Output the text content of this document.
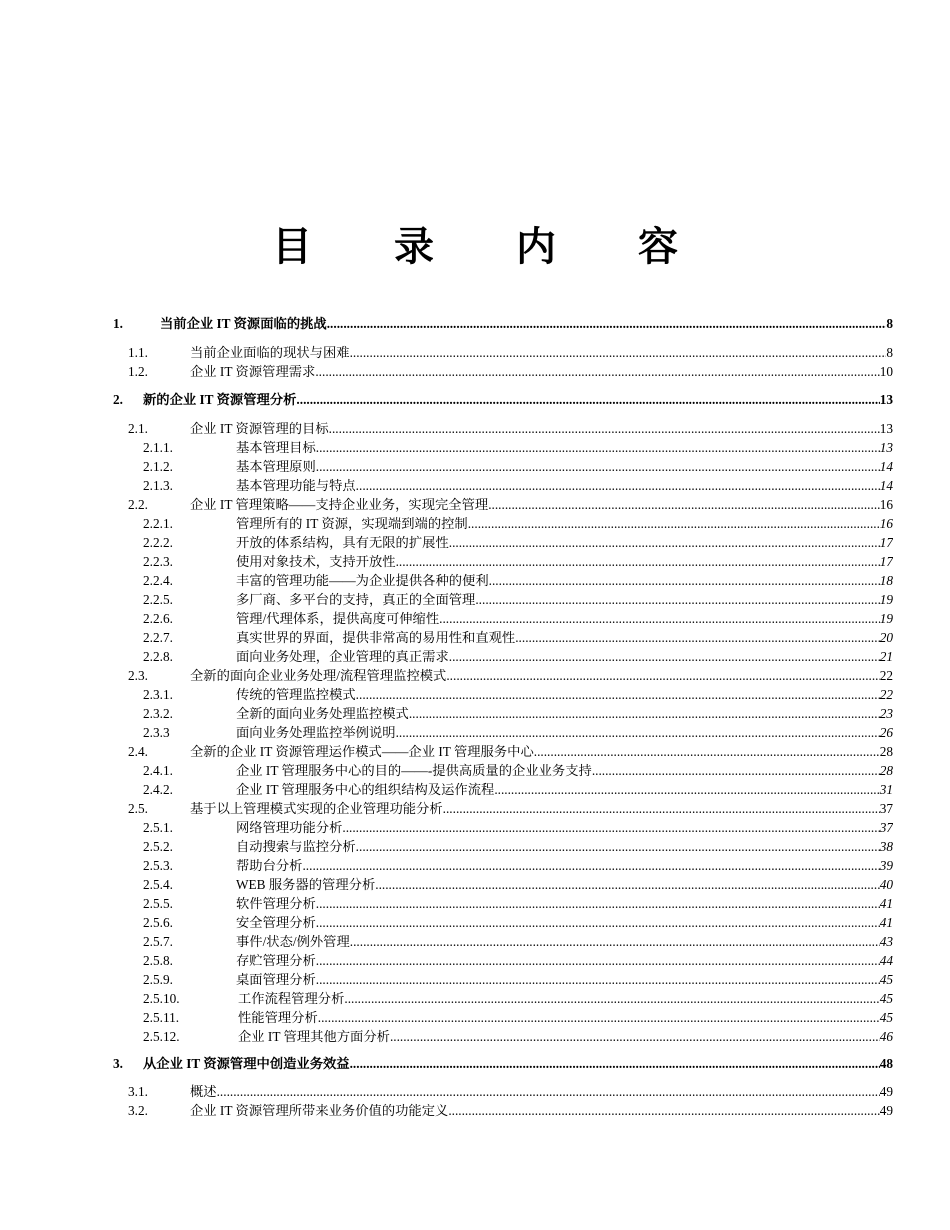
目 录 内 容
1.	当前企业 IT 资源面临的挑战 .....	8
1.1.	当前企业面临的现状与困难 .....	8
1.2.	企业 IT 资源管理需求 .....	10
2. 新的企业 IT 资源管理分析 .....	13
2.1.	企业 IT 资源管理的目标 .....	13
2.1.1.	基本管理目标 .....	13
2.1.2.	基本管理原则 .....	14
2.1.3.	基本管理功能与特点 .....	14
2.2.	企业 IT 管理策略——支持企业业务，实现完全管理 .....	16
2.2.1.	管理所有的 IT 资源，实现端到端的控制 .....	16
2.2.2.	开放的体系结构，具有无限的扩展性 .....	17
2.2.3.	使用对象技术，支持开放性 .....	17
2.2.4.	丰富的管理功能——为企业提供各种的便利 .....	18
2.2.5.	多厂商、多平台的支持，真正的全面管理 .....	19
2.2.6.	管理/代理体系，提供高度可伸缩性 .....	19
2.2.7.	真实世界的界面，提供非常高的易用性和直观性 .....	20
2.2.8.	面向业务处理，企业管理的真正需求 .....	21
2.3.	全新的面向企业业务处理/流程管理监控模式 .....	22
2.3.1.	传统的管理监控模式 .....	22
2.3.2.	全新的面向业务处理监控模式 .....	23
2.3.3	面向业务处理监控举例说明 .....	26
2.4.	全新的企业 IT 资源管理运作模式——企业 IT 管理服务中心 .....	28
2.4.1.	企业 IT 管理服务中心的目的——-提供高质量的企业业务支持 .....	28
2.4.2.	企业 IT 管理服务中心的组织结构及运作流程 .....	31
2.5.	基于以上管理模式实现的企业管理功能分析 .....	37
2.5.1.	网络管理功能分析 .....	37
2.5.2.	自动搜索与监控分析 .....	38
2.5.3.	帮助台分析 .....	39
2.5.4.	WEB 服务器的管理分析 .....	40
2.5.5.	软件管理分析 .....	41
2.5.6.	安全管理分析 .....	41
2.5.7.	事件/状态/例外管理 .....	43
2.5.8.	存贮管理分析 .....	44
2.5.9.	桌面管理分析 .....	45
2.5.10.	工作流程管理分析 .....	45
2.5.11.	性能管理分析 .....	45
2.5.12.	企业 IT 管理其他方面分析 .....	46
3. 从企业 IT 资源管理中创造业务效益 .....	48
3.1.	概述 .....	49
3.2.	企业 IT 资源管理所带来业务价值的功能定义 .....	49
